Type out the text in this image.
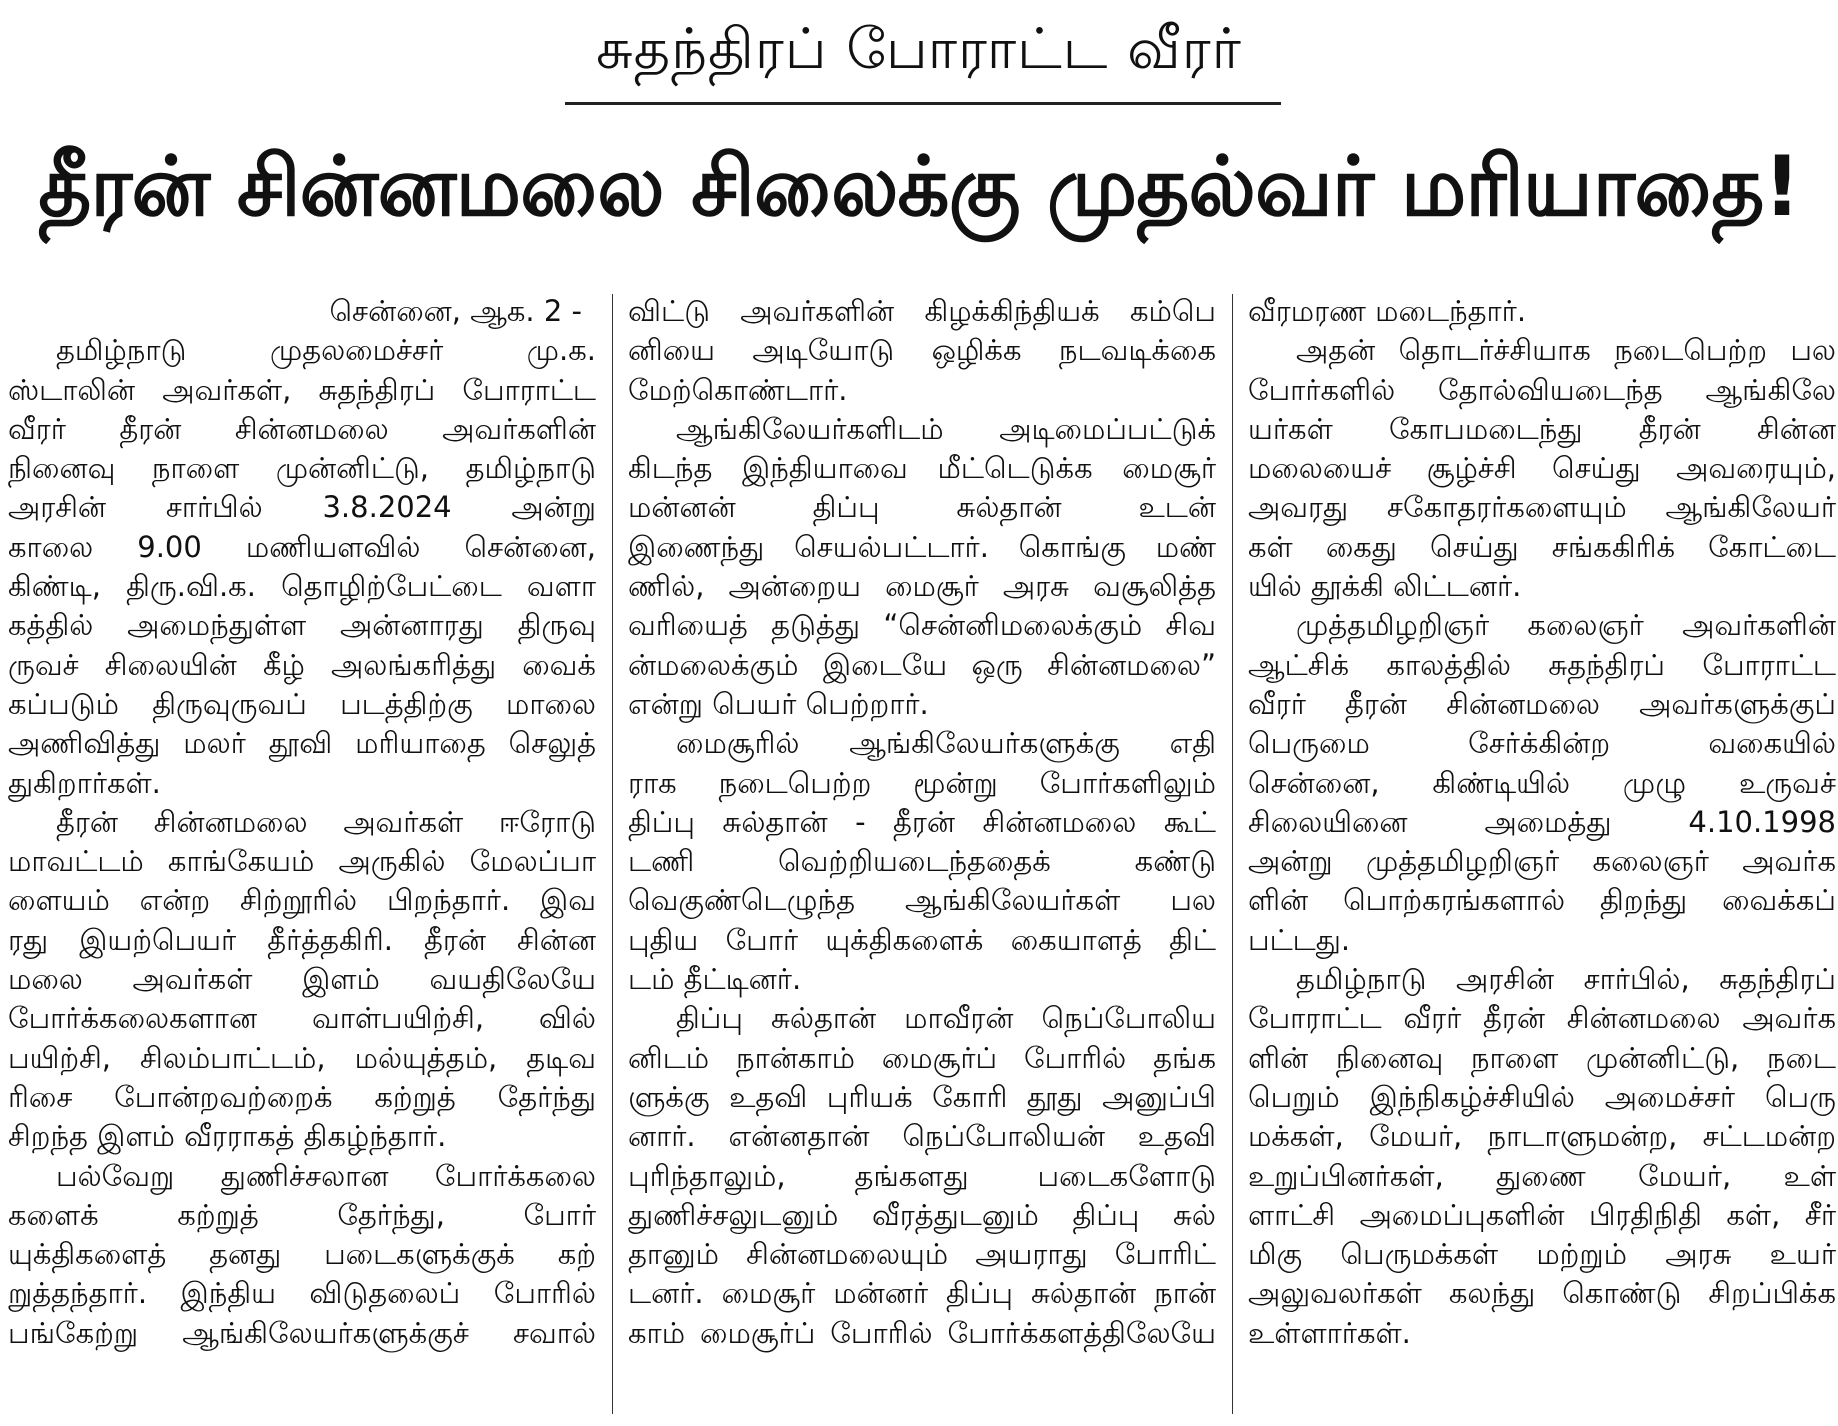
சுதந்திரப் போராட்ட வீரர்
தீரன் சின்னமலை சிலைக்கு முதல்வர் மரியாதை!
சென்னை, ஆக. 2 -
தமிழ்நாடு முதலமைச்சர் மு.க.
ஸ்டாலின் அவர்கள், சுதந்திரப் போராட்ட
வீரர் தீரன் சின்னமலை அவர்களின்
நினைவு நாளை முன்னிட்டு, தமிழ்நாடு
அரசின் சார்பில் 3.8.2024 அன்று
காலை 9.00 மணியளவில் சென்னை,
கிண்டி, திரு.வி.க. தொழிற்பேட்டை வளா
கத்தில் அமைந்துள்ள அன்னாரது திருவு
ருவச் சிலையின் கீழ் அலங்கரித்து வைக்
கப்படும் திருவுருவப் படத்திற்கு மாலை
அணிவித்து மலர் தூவி மரியாதை செலுத்
துகிறார்கள்.
தீரன் சின்னமலை அவர்கள் ஈரோடு
மாவட்டம் காங்கேயம் அருகில் மேலப்பா
ளையம் என்ற சிற்றூரில் பிறந்தார். இவ
ரது இயற்பெயர் தீர்த்தகிரி. தீரன் சின்ன
மலை அவர்கள் இளம் வயதிலேயே
போர்க்கலைகளான வாள்பயிற்சி, வில்
பயிற்சி, சிலம்பாட்டம், மல்யுத்தம், தடிவ
ரிசை போன்றவற்றைக் கற்றுத் தேர்ந்து
சிறந்த இளம் வீரராகத் திகழ்ந்தார்.
பல்வேறு துணிச்சலான போர்க்கலை
களைக் கற்றுத் தேர்ந்து, போர்
யுக்திகளைத் தனது படைகளுக்குக் கற்
றுத்தந்தார். இந்திய விடுதலைப் போரில்
பங்கேற்று ஆங்கிலேயர்களுக்குச் சவால்
விட்டு அவர்களின் கிழக்கிந்தியக் கம்பெ
னியை அடியோடு ஒழிக்க நடவடிக்கை
மேற்கொண்டார்.
ஆங்கிலேயர்களிடம் அடிமைப்பட்டுக்
கிடந்த இந்தியாவை மீட்டெடுக்க மைசூர்
மன்னன் திப்பு சுல்தான் உடன்
இணைந்து செயல்பட்டார். கொங்கு மண்
ணில், அன்றைய மைசூர் அரசு வசூலித்த
வரியைத் தடுத்து “சென்னிமலைக்கும் சிவ
ன்மலைக்கும் இடையே ஒரு சின்னமலை”
என்று பெயர் பெற்றார்.
மைசூரில் ஆங்கிலேயர்களுக்கு எதி
ராக நடைபெற்ற மூன்று போர்களிலும்
திப்பு சுல்தான் - தீரன் சின்னமலை கூட்
டணி வெற்றியடைந்ததைக் கண்டு
வெகுண்டெழுந்த ஆங்கிலேயர்கள் பல
புதிய போர் யுக்திகளைக் கையாளத் திட்
டம் தீட்டினர்.
திப்பு சுல்தான் மாவீரன் நெப்போலிய
னிடம் நான்காம் மைசூர்ப் போரில் தங்க
ளுக்கு உதவி புரியக் கோரி தூது அனுப்பி
னார். என்னதான் நெப்போலியன் உதவி
புரிந்தாலும், தங்களது படைகளோடு
துணிச்சலுடனும் வீரத்துடனும் திப்பு சுல்
தானும் சின்னமலையும் அயராது போரிட்
டனர். மைசூர் மன்னர் திப்பு சுல்தான் நான்
காம் மைசூர்ப் போரில் போர்க்களத்திலேயே
வீரமரண மடைந்தார்.
அதன் தொடர்ச்சியாக நடைபெற்ற பல
போர்களில் தோல்வியடைந்த ஆங்கிலே
யர்கள் கோபமடைந்து தீரன் சின்ன
மலையைச் சூழ்ச்சி செய்து அவரையும்,
அவரது சகோதரர்களையும் ஆங்கிலேயர்
கள் கைது செய்து சங்ககிரிக் கோட்டை
யில் தூக்கி லிட்டனர்.
முத்தமிழறிஞர் கலைஞர் அவர்களின்
ஆட்சிக் காலத்தில் சுதந்திரப் போராட்ட
வீரர் தீரன் சின்னமலை அவர்களுக்குப்
பெருமை சேர்க்கின்ற வகையில்
சென்னை, கிண்டியில் முழு உருவச்
சிலையினை அமைத்து 4.10.1998
அன்று முத்தமிழறிஞர் கலைஞர் அவர்க
ளின் பொற்கரங்களால் திறந்து வைக்கப்
பட்டது.
தமிழ்நாடு அரசின் சார்பில், சுதந்திரப்
போராட்ட வீரர் தீரன் சின்னமலை அவர்க
ளின் நினைவு நாளை முன்னிட்டு, நடை
பெறும் இந்நிகழ்ச்சியில் அமைச்சர் பெரு
மக்கள், மேயர், நாடாளுமன்ற, சட்டமன்ற
உறுப்பினர்கள், துணை மேயர், உள்
ளாட்சி அமைப்புகளின் பிரதிநிதி கள், சீர்
மிகு பெருமக்கள் மற்றும் அரசு உயர்
அலுவலர்கள் கலந்து கொண்டு சிறப்பிக்க
உள்ளார்கள்.
